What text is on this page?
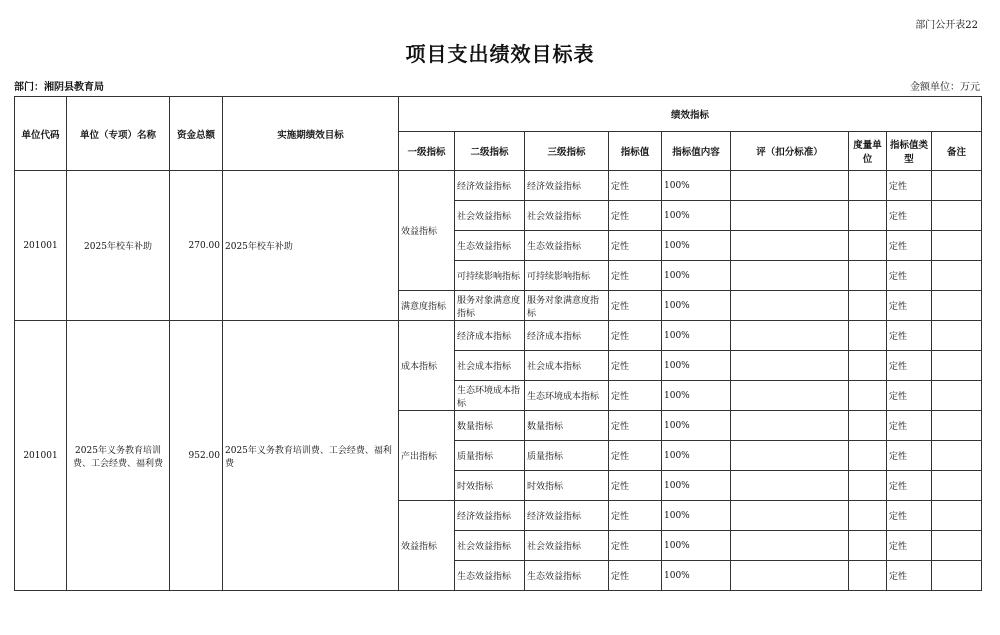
部门公开表22
项目支出绩效目标表
部门：湘阴县教育局	金额单位：万元
单位代码	单位（专项）名称	资金总额	实施期绩效目标	绩效指标								
				一级指标	二级指标	三级指标	指标值	指标值内容	评（扣分标准）	度量单位	指标值类型	备注
201001	2025年校车补助	270.00	2025年校车补助	效益指标	经济效益指标	经济效益指标	定性	100%			定性	
					社会效益指标	社会效益指标	定性	100%			定性	
					生态效益指标	生态效益指标	定性	100%			定性	
					可持续影响指标	可持续影响指标	定性	100%			定性	
				满意度指标	服务对象满意度指标	服务对象满意度指标	定性	100%			定性	
201001	2025年义务教育培训费、工会经费、福利费	952.00	2025年义务教育培训费、工会经费、福利费	成本指标	经济成本指标	经济成本指标	定性	100%			定性	
					社会成本指标	社会成本指标	定性	100%			定性	
					生态环境成本指标	生态环境成本指标	定性	100%			定性	
				产出指标	数量指标	数量指标	定性	100%			定性	
					质量指标	质量指标	定性	100%			定性	
					时效指标	时效指标	定性	100%			定性	
				效益指标	经济效益指标	经济效益指标	定性	100%			定性	
					社会效益指标	社会效益指标	定性	100%			定性	
					生态效益指标	生态效益指标	定性	100%			定性	
